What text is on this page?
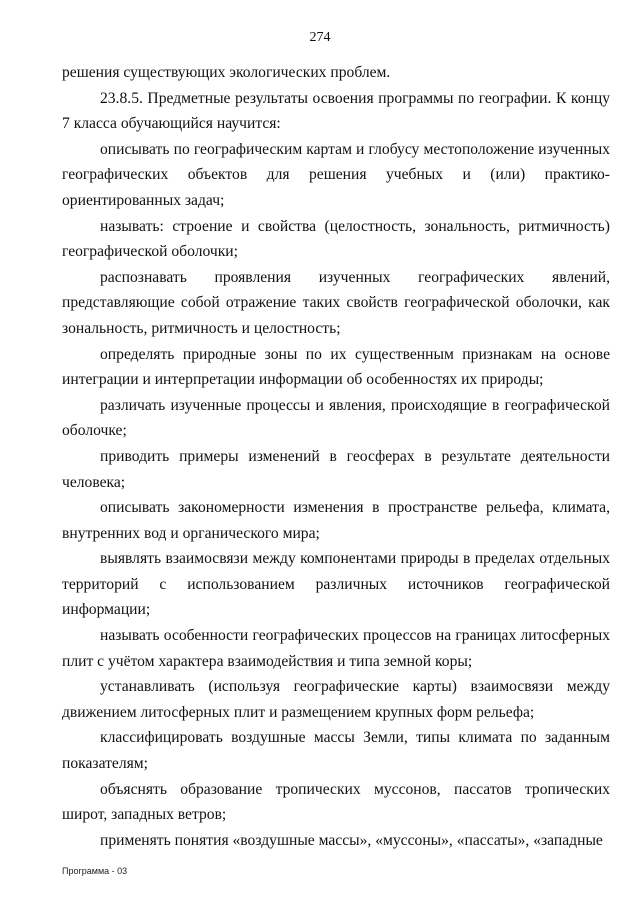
274

решения существующих экологических проблем.

23.8.5. Предметные результаты освоения программы по географии. К концу 7 класса обучающийся научится:

описывать по географическим картам и глобусу местоположение изученных географических объектов для решения учебных и (или) практико-ориентированных задач;

называть: строение и свойства (целостность, зональность, ритмичность) географической оболочки;

распознавать проявления изученных географических явлений, представляющие собой отражение таких свойств географической оболочки, как зональность, ритмичность и целостность;

определять природные зоны по их существенным признакам на основе интеграции и интерпретации информации об особенностях их природы;

различать изученные процессы и явления, происходящие в географической оболочке;

приводить примеры изменений в геосферах в результате деятельности человека;

описывать закономерности изменения в пространстве рельефа, климата, внутренних вод и органического мира;

выявлять взаимосвязи между компонентами природы в пределах отдельных территорий с использованием различных источников географической информации;

называть особенности географических процессов на границах литосферных плит с учётом характера взаимодействия и типа земной коры;

устанавливать (используя географические карты) взаимосвязи между движением литосферных плит и размещением крупных форм рельефа;

классифицировать воздушные массы Земли, типы климата по заданным показателям;

объяснять образование тропических муссонов, пассатов тропических широт, западных ветров;

применять понятия «воздушные массы», «муссоны», «пассаты», «западные

Программа - 03
